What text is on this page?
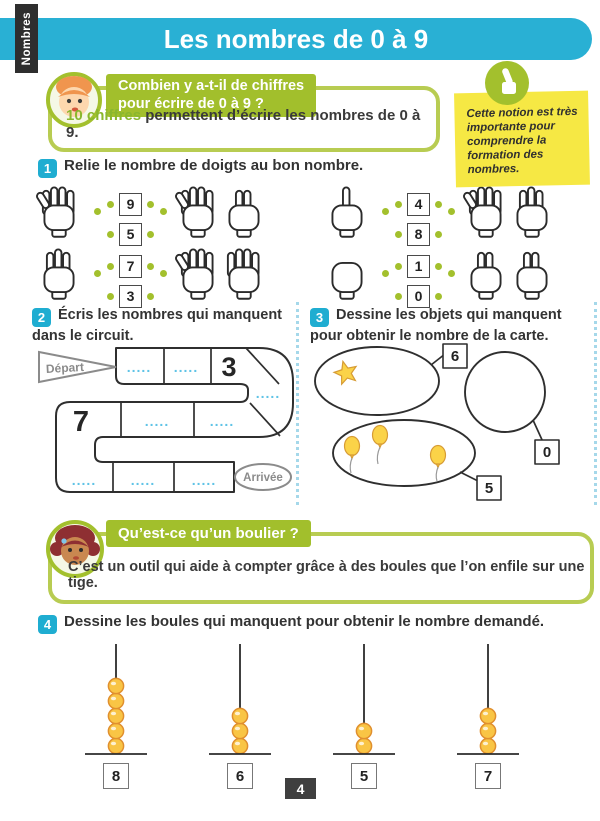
Nombres	Les nombres de 0 à 9
Combien y a-t-il de chiffres
pour écrire de 0 à 9 ?
10 chiffres permettent d’écrire les nombres de 0 à 9.
Cette notion est très importante pour comprendre la formation des nombres.
1 Relie le nombre de doigts au bon nombre.
9
5
7
3
4
8
1
0
2 Écris les nombres qui manquent dans le circuit.
Départ
Arrivée
..... ..... 3
.....
7	.....	.....
..... .....	.....
3 Dessine les objets qui manquent pour obtenir le nombre de la carte.
6
0
5
Qu’est-ce qu’un boulier ?
C’est un outil qui aide à compter grâce à des boules que l’on enfile sur une tige.
4 Dessine les boules qui manquent pour obtenir le nombre demandé.
8	6	5	7
4
